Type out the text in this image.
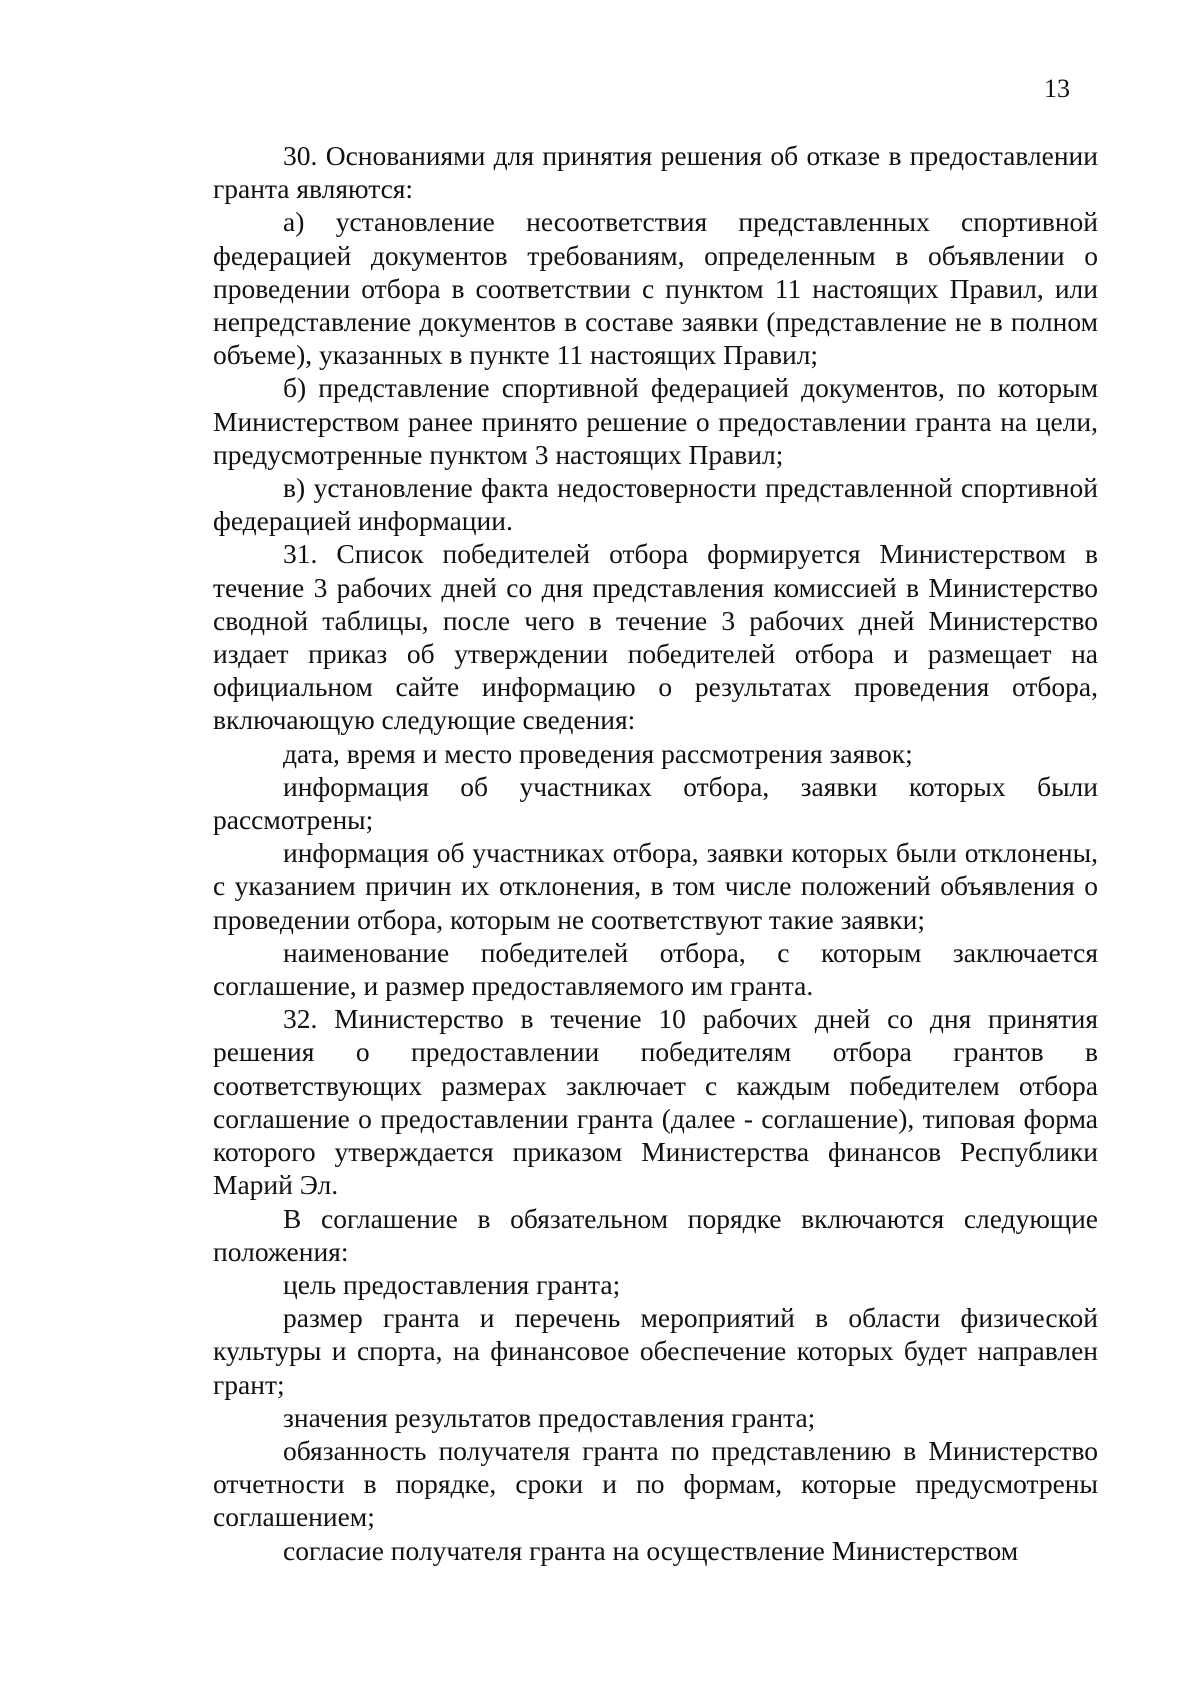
13

30. Основаниями для принятия решения об отказе в предоставлении гранта являются:

а) установление несоответствия представленных спортивной федерацией документов требованиям, определенным в объявлении о проведении отбора в соответствии с пунктом 11 настоящих Правил, или непредставление документов в составе заявки (представление не в полном объеме), указанных в пункте 11 настоящих Правил;

б) представление спортивной федерацией документов, по которым Министерством ранее принято решение о предоставлении гранта на цели, предусмотренные пунктом 3 настоящих Правил;

в) установление факта недостоверности представленной спортивной федерацией информации.

31. Список победителей отбора формируется Министерством в течение 3 рабочих дней со дня представления комиссией в Министерство сводной таблицы, после чего в течение 3 рабочих дней Министерство издает приказ об утверждении победителей отбора и размещает на официальном сайте информацию о результатах проведения отбора, включающую следующие сведения:

дата, время и место проведения рассмотрения заявок;

информация об участниках отбора, заявки которых были рассмотрены;

информация об участниках отбора, заявки которых были отклонены, с указанием причин их отклонения, в том числе положений объявления о проведении отбора, которым не соответствуют такие заявки;

наименование победителей отбора, с которым заключается соглашение, и размер предоставляемого им гранта.

32. Министерство в течение 10 рабочих дней со дня принятия решения о предоставлении победителям отбора грантов в соответствующих размерах заключает с каждым победителем отбора соглашение о предоставлении гранта (далее - соглашение), типовая форма которого утверждается приказом Министерства финансов Республики Марий Эл.

В соглашение в обязательном порядке включаются следующие положения:

цель предоставления гранта;

размер гранта и перечень мероприятий в области физической культуры и спорта, на финансовое обеспечение которых будет направлен грант;

значения результатов предоставления гранта;

обязанность получателя гранта по представлению в Министерство отчетности в порядке, сроки и по формам, которые предусмотрены соглашением;

согласие получателя гранта на осуществление Министерством
